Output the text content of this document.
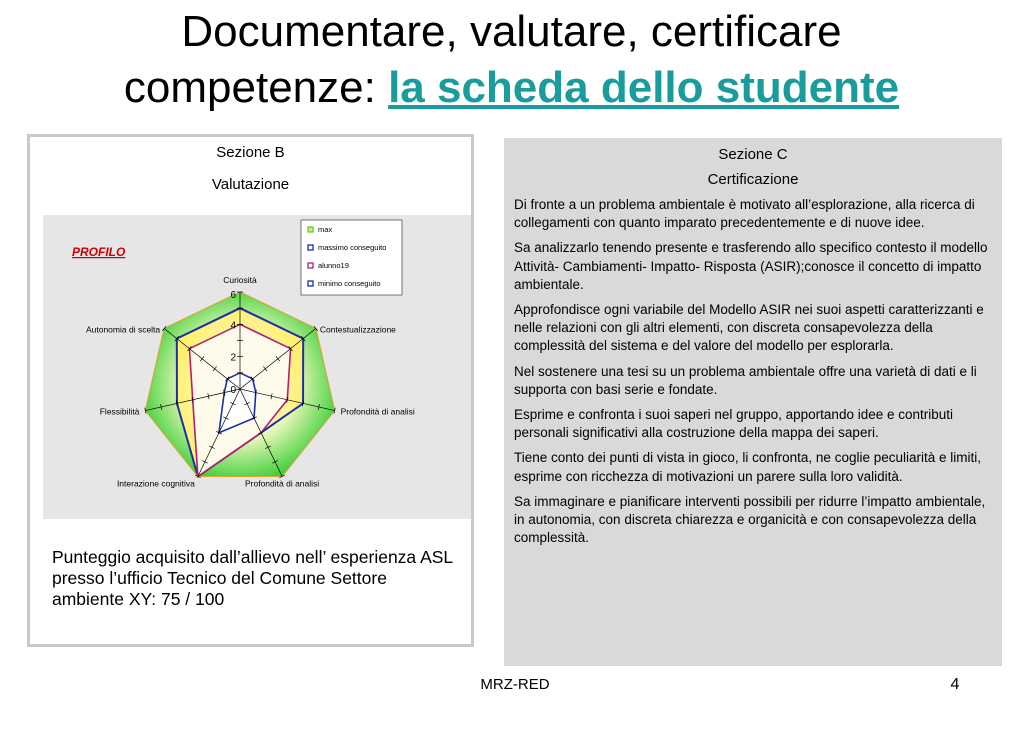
Documentare, valutare, certificare
competenze: la scheda dello studente
Sezione B
Valutazione
Curiosità
Contestualizzazione
Profondità di analisi
Profondità di analisi
Interazione cognitiva
Flessibilità
Autonomia di scelta
0
2
4
6
PROFILO
max
massimo conseguito
alunno19
minimo conseguito
Punteggio acquisito dall’allievo nell’ esperienza ASL presso l’ufficio Tecnico del Comune Settore ambiente XY: 75 / 100
Sezione C
Certificazione

Di fronte a un problema ambientale è motivato all’esplorazione, alla ricerca di collegamenti con quanto imparato precedentemente e di nuove idee.

Sa analizzarlo tenendo presente e trasferendo allo specifico contesto il modello Attività- Cambiamenti- Impatto- Risposta (ASIR);conosce il concetto di impatto ambientale.

Approfondisce ogni variabile del Modello ASIR nei suoi aspetti caratterizzanti e nelle relazioni con gli altri elementi, con discreta consapevolezza della complessità del sistema e del valore del modello per esplorarla.

Nel sostenere una tesi su un problema ambientale offre una varietà di dati e li supporta con basi serie e fondate.

Esprime e confronta i suoi saperi nel gruppo, apportando idee e contributi personali significativi alla costruzione della mappa dei saperi.

Tiene conto dei punti di vista in gioco, li confronta, ne coglie peculiarità e limiti, esprime con ricchezza di motivazioni un parere sulla loro validità.

Sa immaginare e pianificare interventi possibili per ridurre l’impatto ambientale, in autonomia, con discreta chiarezza e organicità e con consapevolezza della complessità.

MRZ-RED	4
